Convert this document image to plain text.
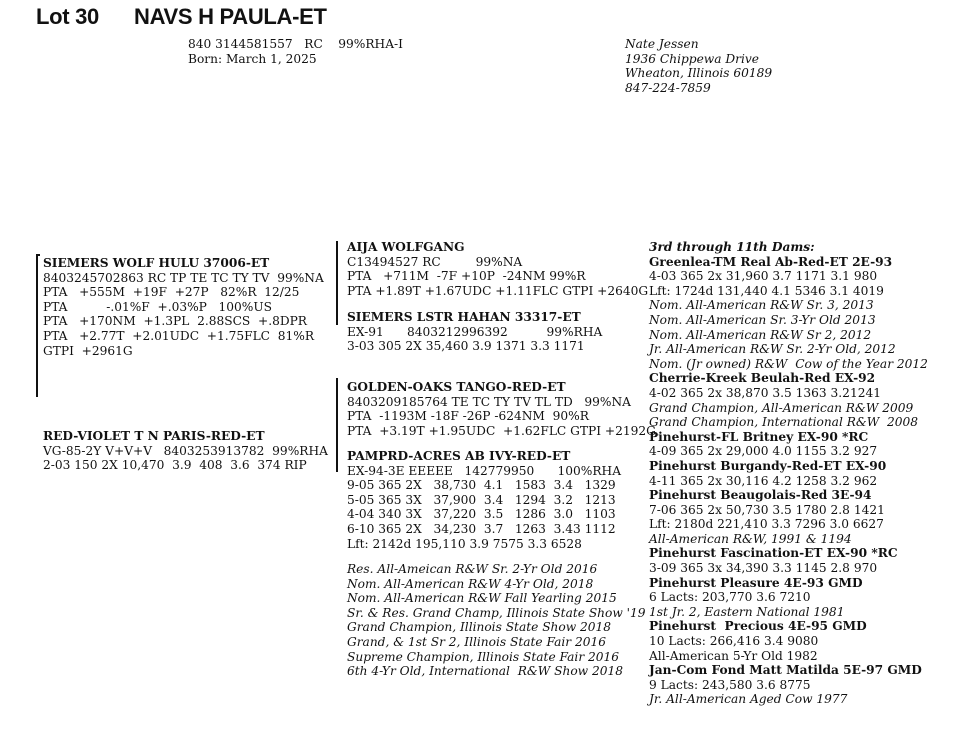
Lot 30 NAVS H PAULA-ET
840 3144581557   RC    99%RHA-I
Born: March 1, 2025
Nate Jessen
1936 Chippewa Drive
Wheaton, Illinois 60189
847-224-7859
SIEMERS WOLF HULU 37006-ET
8403245702863 RC TP TE TC TY TV  99%NA
PTA   +555M  +19F  +27P   82%R  12/25
PTA          -.01%F  +.03%P   100%US
PTA   +170NM  +1.3PL  2.88SCS  +.8DPR
PTA   +2.77T  +2.01UDC  +1.75FLC  81%R
GTPI  +2961G
RED-VIOLET T N PARIS-RED-ET
VG-85-2Y V+V+V   8403253913782  99%RHA
2-03 150 2X 10,470  3.9  408  3.6  374 RIP
AIJA WOLFGANG
C13494527 RC         99%NA
PTA   +711M  -7F +10P  -24NM 99%R
PTA +1.89T +1.67UDC +1.11FLC GTPI +2640G
SIEMERS LSTR HAHAN 33317-ET
EX-91      8403212996392          99%RHA
3-03 305 2X 35,460 3.9 1371 3.3 1171
GOLDEN-OAKS TANGO-RED-ET
8403209185764 TE TC TY TV TL TD   99%NA
PTA  -1193M -18F -26P -624NM  90%R
PTA  +3.19T +1.95UDC  +1.62FLC GTPI +2192G
PAMPRD-ACRES AB IVY-RED-ET
EX-94-3E EEEEE   142779950      100%RHA
9-05 365 2X   38,730  4.1   1583  3.4   1329
5-05 365 3X   37,900  3.4   1294  3.2   1213
4-04 340 3X   37,220  3.5   1286  3.0   1103
6-10 365 2X   34,230  3.7   1263  3.43 1112
Lft: 2142d 195,110 3.9 7575 3.3 6528
Res. All-Ameican R&W Sr. 2-Yr Old 2016
Nom. All-American R&W 4-Yr Old, 2018
Nom. All-American R&W Fall Yearling 2015
Sr. & Res. Grand Champ, Illinois State Show '19
Grand Champion, Illinois State Show 2018
Grand, & 1st Sr 2, Illinois State Fair 2016
Supreme Champion, Illinois State Fair 2016
6th 4-Yr Old, International  R&W Show 2018
3rd through 11th Dams:
Greenlea-TM Real Ab-Red-ET 2E-93
4-03 365 2x 31,960 3.7 1171 3.1 980
Lft: 1724d 131,440 4.1 5346 3.1 4019
Nom. All-American R&W Sr. 3, 2013
Nom. All-American Sr. 3-Yr Old 2013
Nom. All-American R&W Sr 2, 2012
Jr. All-American R&W Sr. 2-Yr Old, 2012
Nom. (Jr owned) R&W  Cow of the Year 2012
Cherrie-Kreek Beulah-Red EX-92
4-02 365 2x 38,870 3.5 1363 3.21241
Grand Champion, All-American R&W 2009
Grand Champion, International R&W  2008
Pinehurst-FL Britney EX-90 *RC
4-09 365 2x 29,000 4.0 1155 3.2 927
Pinehurst Burgandy-Red-ET EX-90
4-11 365 2x 30,116 4.2 1258 3.2 962
Pinehurst Beaugolais-Red 3E-94
7-06 365 2x 50,730 3.5 1780 2.8 1421
Lft: 2180d 221,410 3.3 7296 3.0 6627
All-American R&W, 1991 & 1194
Pinehurst Fascination-ET EX-90 *RC
3-09 365 3x 34,390 3.3 1145 2.8 970
Pinehurst Pleasure 4E-93 GMD
6 Lacts: 203,770 3.6 7210
1st Jr. 2, Eastern National 1981
Pinehurst  Precious 4E-95 GMD
10 Lacts: 266,416 3.4 9080
All-American 5-Yr Old 1982
Jan-Com Fond Matt Matilda 5E-97 GMD
9 Lacts: 243,580 3.6 8775
Jr. All-American Aged Cow 1977
